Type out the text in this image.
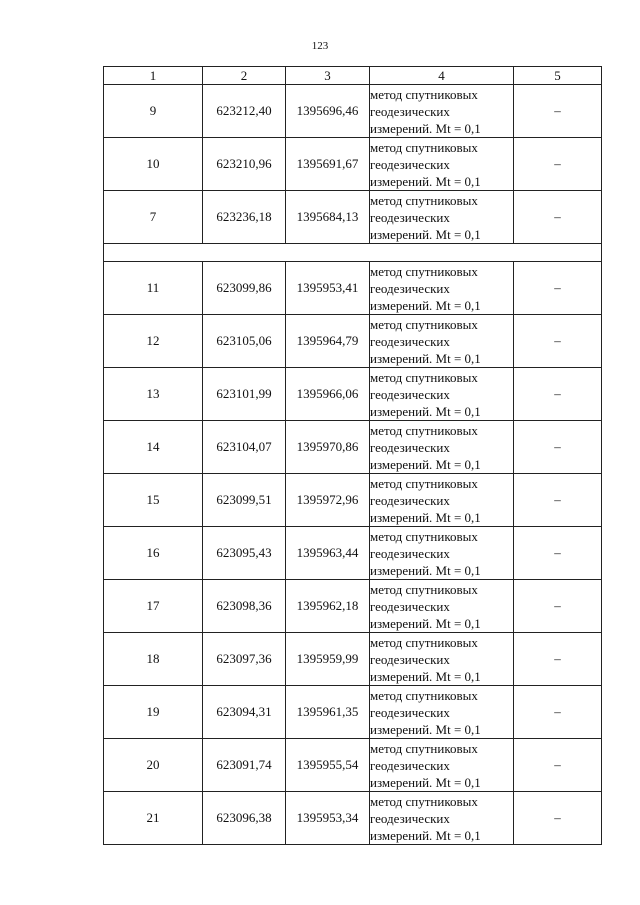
123
1	2	3	4	5
9	623212,40	1395696,46	метод спутниковых геодезических измерений. Mt = 0,1	–
10	623210,96	1395691,67	метод спутниковых геодезических измерений. Mt = 0,1	–
7	623236,18	1395684,13	метод спутниковых геодезических измерений. Mt = 0,1	–

11	623099,86	1395953,41	метод спутниковых геодезических измерений. Mt = 0,1	–
12	623105,06	1395964,79	метод спутниковых геодезических измерений. Mt = 0,1	–
13	623101,99	1395966,06	метод спутниковых геодезических измерений. Mt = 0,1	–
14	623104,07	1395970,86	метод спутниковых геодезических измерений. Mt = 0,1	–
15	623099,51	1395972,96	метод спутниковых геодезических измерений. Mt = 0,1	–
16	623095,43	1395963,44	метод спутниковых геодезических измерений. Mt = 0,1	–
17	623098,36	1395962,18	метод спутниковых геодезических измерений. Mt = 0,1	–
18	623097,36	1395959,99	метод спутниковых геодезических измерений. Mt = 0,1	–
19	623094,31	1395961,35	метод спутниковых геодезических измерений. Mt = 0,1	–
20	623091,74	1395955,54	метод спутниковых геодезических измерений. Mt = 0,1	–
21	623096,38	1395953,34	метод спутниковых геодезических измерений. Mt = 0,1	–
